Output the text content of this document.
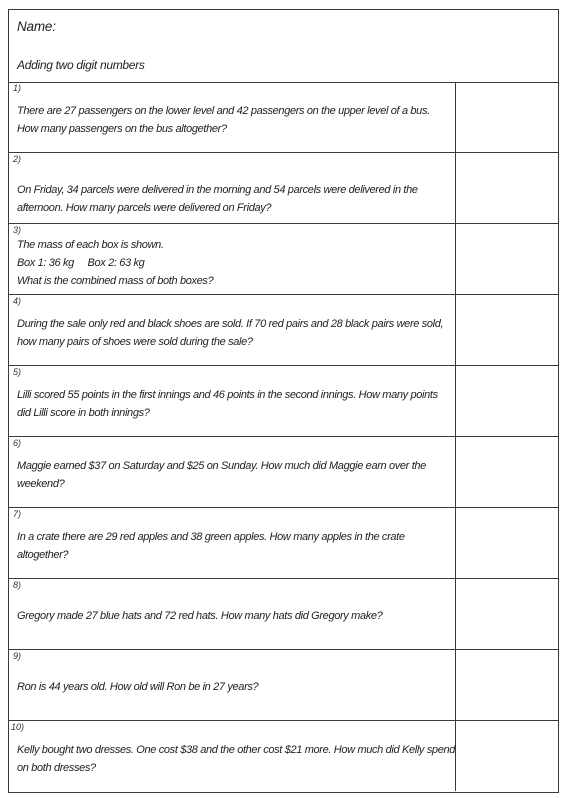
Name:
Adding two digit numbers
1)

There are 27 passengers on the lower level and 42 passengers on the upper level of a bus.
How many passengers on the bus altogether?

2)

On Friday, 34 parcels were delivered in the morning and 54 parcels were delivered in the
afternoon. How many parcels were delivered on Friday?

3)

The mass of each box is shown.
Box 1: 36 kg     Box 2: 63 kg
What is the combined mass of both boxes?

4)

During the sale only red and black shoes are sold. If 70 red pairs and 28 black pairs were sold,
how many pairs of shoes were sold during the sale?

5)

Lilli scored 55 points in the first innings and 46 points in the second innings. How many points
did Lilli score in both innings?

6)

Maggie earned $37 on Saturday and $25 on Sunday. How much did Maggie earn over the
weekend?

7)

In a crate there are 29 red apples and 38 green apples. How many apples in the crate
altogether?

8)

Gregory made 27 blue hats and 72 red hats. How many hats did Gregory make?

9)

Ron is 44 years old. How old will Ron be in 27 years?

10)

Kelly bought two dresses. One cost $38 and the other cost $21 more. How much did Kelly spend
on both dresses?
